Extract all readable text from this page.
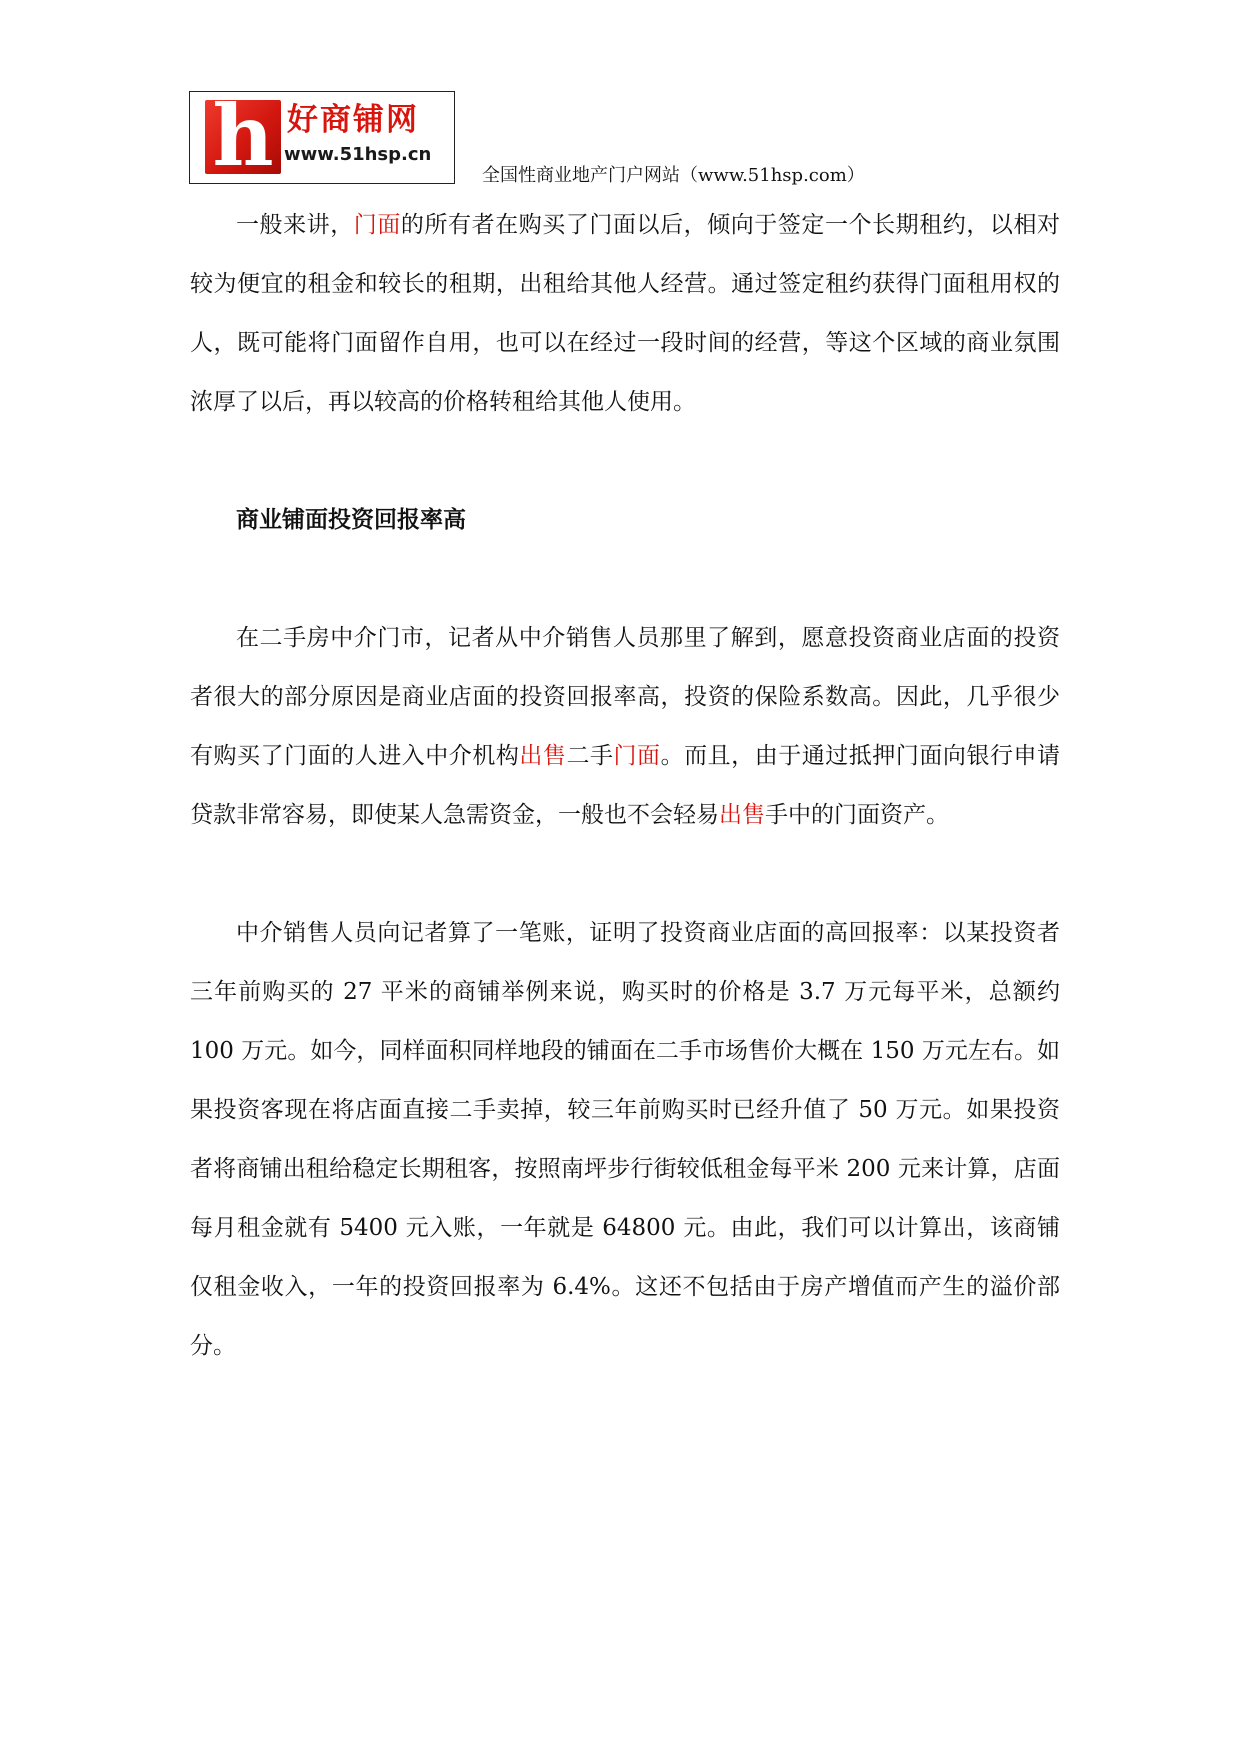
h 好商铺网
www.51hsp.cn
全国性商业地产门户网站（www.51hsp.com）

一般来讲，门面的所有者在购买了门面以后，倾向于签定一个长期租约，以相对较为便宜的租金和较长的租期，出租给其他人经营。通过签定租约获得门面租用权的人，既可能将门面留作自用，也可以在经过一段时间的经营，等这个区域的商业氛围浓厚了以后，再以较高的价格转租给其他人使用。

商业铺面投资回报率高

在二手房中介门市，记者从中介销售人员那里了解到，愿意投资商业店面的投资者很大的部分原因是商业店面的投资回报率高，投资的保险系数高。因此，几乎很少有购买了门面的人进入中介机构出售二手门面。而且，由于通过抵押门面向银行申请贷款非常容易，即使某人急需资金，一般也不会轻易出售手中的门面资产。

中介销售人员向记者算了一笔账，证明了投资商业店面的高回报率：以某投资者三年前购买的 27 平米的商铺举例来说，购买时的价格是 3.7 万元每平米，总额约 100 万元。如今，同样面积同样地段的铺面在二手市场售价大概在 150 万元左右。如果投资客现在将店面直接二手卖掉，较三年前购买时已经升值了 50 万元。如果投资者将商铺出租给稳定长期租客，按照南坪步行街较低租金每平米 200 元来计算，店面每月租金就有 5400 元入账，一年就是 64800 元。由此，我们可以计算出，该商铺仅租金收入，一年的投资回报率为 6.4%。这还不包括由于房产增值而产生的溢价部分。
